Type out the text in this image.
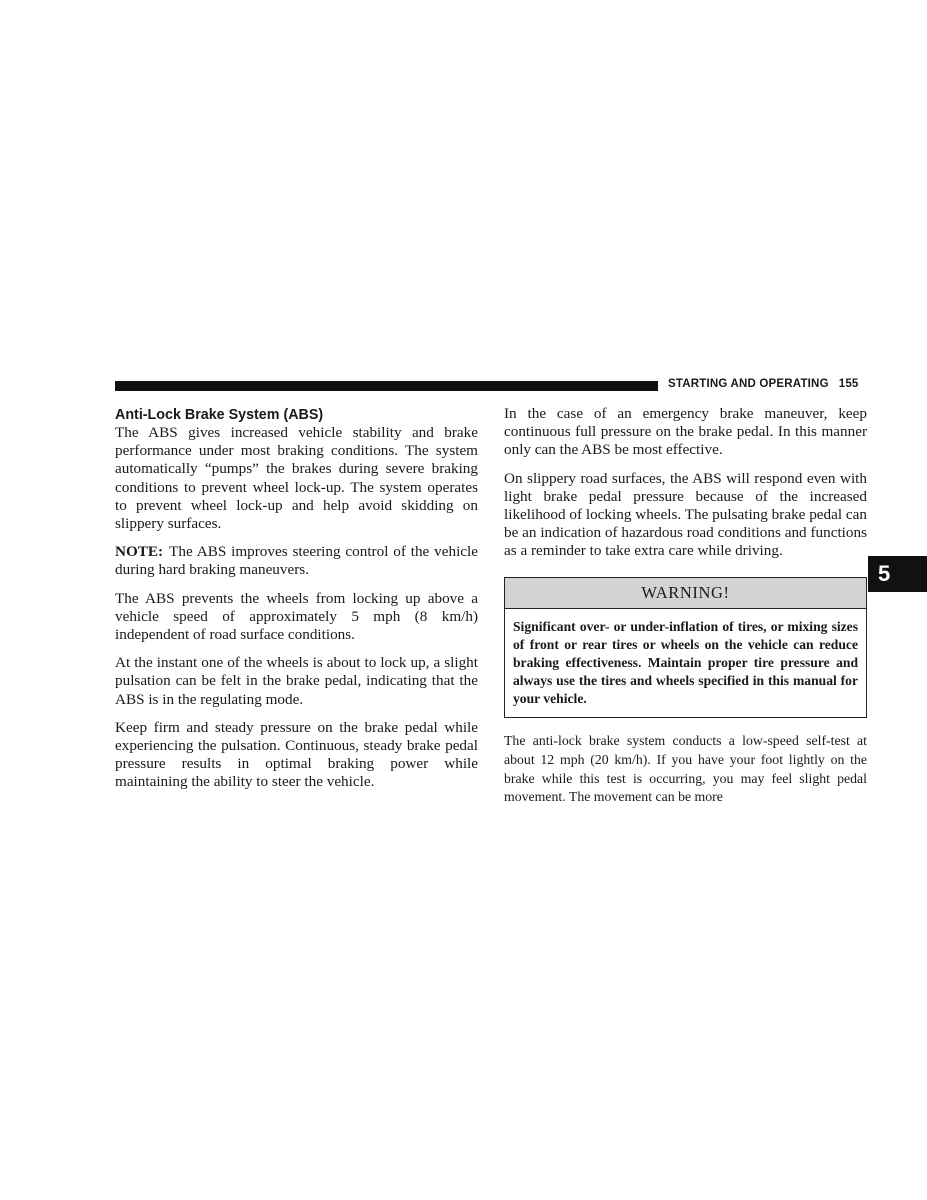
STARTING AND OPERATING 155
Anti-Lock Brake System (ABS)

The ABS gives increased vehicle stability and brake performance under most braking conditions. The system automatically “pumps” the brakes during severe braking conditions to prevent wheel lock-up. The system operates to prevent wheel lock-up and help avoid skidding on slippery surfaces.

NOTE: The ABS improves steering control of the vehicle during hard braking maneuvers.

The ABS prevents the wheels from locking up above a vehicle speed of approximately 5 mph (8 km/h) independent of road surface conditions.

At the instant one of the wheels is about to lock up, a slight pulsation can be felt in the brake pedal, indicating that the ABS is in the regulating mode.

Keep firm and steady pressure on the brake pedal while experiencing the pulsation. Continuous, steady brake pedal pressure results in optimal braking power while maintaining the ability to steer the vehicle.

In the case of an emergency brake maneuver, keep continuous full pressure on the brake pedal. In this manner only can the ABS be most effective.

On slippery road surfaces, the ABS will respond even with light brake pedal pressure because of the increased likelihood of locking wheels. The pulsating brake pedal can be an indication of hazardous road conditions and functions as a reminder to take extra care while driving.

WARNING!
Significant over- or under-inflation of tires, or mixing sizes of front or rear tires or wheels on the vehicle can reduce braking effectiveness. Maintain proper tire pressure and always use the tires and wheels specified in this manual for your vehicle.

The anti-lock brake system conducts a low-speed self-test at about 12 mph (20 km/h). If you have your foot lightly on the brake while this test is occurring, you may feel slight pedal movement. The movement can be more

5
